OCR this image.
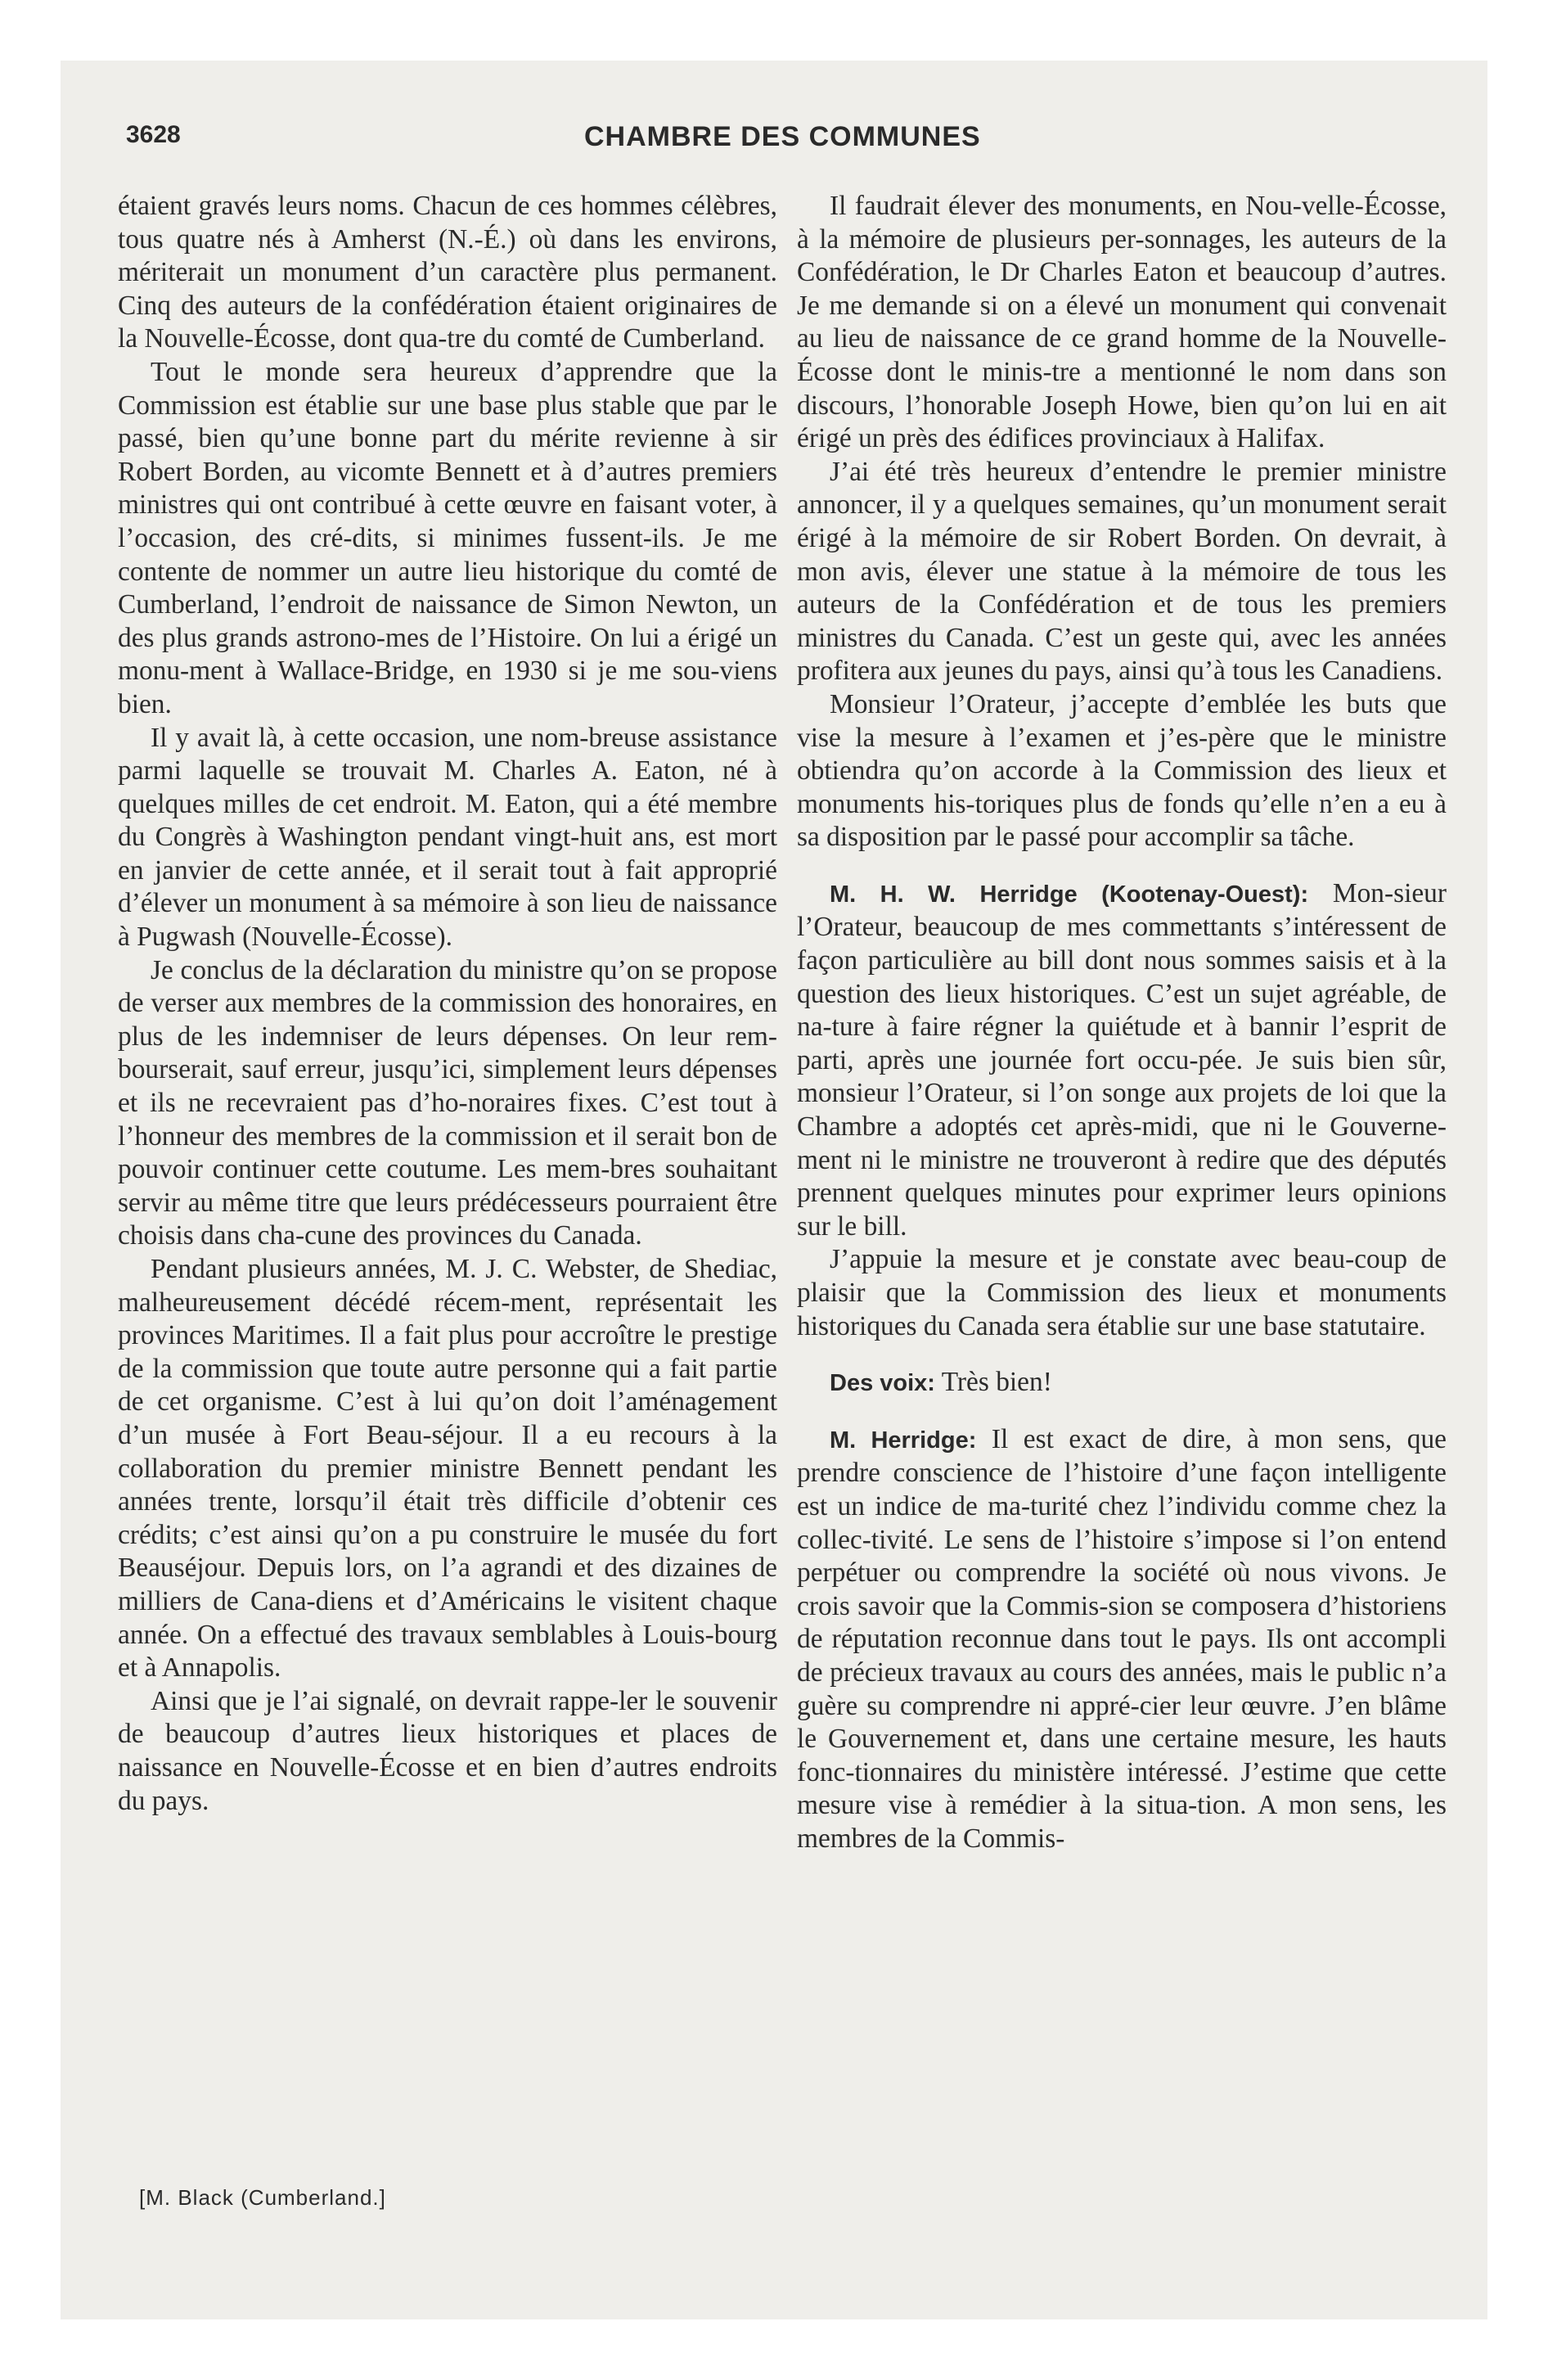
3628	CHAMBRE DES COMMUNES

étaient gravés leurs noms. Chacun de ces hommes célèbres, tous quatre nés à Amherst (N.-É.) où dans les environs, mériterait un monument d’un caractère plus permanent. Cinq des auteurs de la confédération étaient originaires de la Nouvelle-Écosse, dont qua-tre du comté de Cumberland.

Tout le monde sera heureux d’apprendre que la Commission est établie sur une base plus stable que par le passé, bien qu’une bonne part du mérite revienne à sir Robert Borden, au vicomte Bennett et à d’autres premiers ministres qui ont contribué à cette œuvre en faisant voter, à l’occasion, des cré-dits, si minimes fussent-ils. Je me contente de nommer un autre lieu historique du comté de Cumberland, l’endroit de naissance de Simon Newton, un des plus grands astrono-mes de l’Histoire. On lui a érigé un monu-ment à Wallace-Bridge, en 1930 si je me sou-viens bien.

Il y avait là, à cette occasion, une nom-breuse assistance parmi laquelle se trouvait M. Charles A. Eaton, né à quelques milles de cet endroit. M. Eaton, qui a été membre du Congrès à Washington pendant vingt-huit ans, est mort en janvier de cette année, et il serait tout à fait approprié d’élever un monument à sa mémoire à son lieu de naissance à Pugwash (Nouvelle-Écosse).

Je conclus de la déclaration du ministre qu’on se propose de verser aux membres de la commission des honoraires, en plus de les indemniser de leurs dépenses. On leur rem-bourserait, sauf erreur, jusqu’ici, simplement leurs dépenses et ils ne recevraient pas d’ho-noraires fixes. C’est tout à l’honneur des membres de la commission et il serait bon de pouvoir continuer cette coutume. Les mem-bres souhaitant servir au même titre que leurs prédécesseurs pourraient être choisis dans cha-cune des provinces du Canada.

Pendant plusieurs années, M. J. C. Webster, de Shediac, malheureusement décédé récem-ment, représentait les provinces Maritimes. Il a fait plus pour accroître le prestige de la commission que toute autre personne qui a fait partie de cet organisme. C’est à lui qu’on doit l’aménagement d’un musée à Fort Beau-séjour. Il a eu recours à la collaboration du premier ministre Bennett pendant les années trente, lorsqu’il était très difficile d’obtenir ces crédits; c’est ainsi qu’on a pu construire le musée du fort Beauséjour. Depuis lors, on l’a agrandi et des dizaines de milliers de Cana-diens et d’Américains le visitent chaque année. On a effectué des travaux semblables à Louis-bourg et à Annapolis.

Ainsi que je l’ai signalé, on devrait rappe-ler le souvenir de beaucoup d’autres lieux historiques et places de naissance en Nouvelle-Écosse et en bien d’autres endroits du pays.

[M. Black (Cumberland.]

Il faudrait élever des monuments, en Nou-velle-Écosse, à la mémoire de plusieurs per-sonnages, les auteurs de la Confédération, le Dr Charles Eaton et beaucoup d’autres. Je me demande si on a élevé un monument qui convenait au lieu de naissance de ce grand homme de la Nouvelle-Écosse dont le minis-tre a mentionné le nom dans son discours, l’honorable Joseph Howe, bien qu’on lui en ait érigé un près des édifices provinciaux à Halifax.

J’ai été très heureux d’entendre le premier ministre annoncer, il y a quelques semaines, qu’un monument serait érigé à la mémoire de sir Robert Borden. On devrait, à mon avis, élever une statue à la mémoire de tous les auteurs de la Confédération et de tous les premiers ministres du Canada. C’est un geste qui, avec les années profitera aux jeunes du pays, ainsi qu’à tous les Canadiens.

Monsieur l’Orateur, j’accepte d’emblée les buts que vise la mesure à l’examen et j’es-père que le ministre obtiendra qu’on accorde à la Commission des lieux et monuments his-toriques plus de fonds qu’elle n’en a eu à sa disposition par le passé pour accomplir sa tâche.

M. H. W. Herridge (Kootenay-Ouest): Mon-sieur l’Orateur, beaucoup de mes commettants s’intéressent de façon particulière au bill dont nous sommes saisis et à la question des lieux historiques. C’est un sujet agréable, de na-ture à faire régner la quiétude et à bannir l’esprit de parti, après une journée fort occu-pée. Je suis bien sûr, monsieur l’Orateur, si l’on songe aux projets de loi que la Chambre a adoptés cet après-midi, que ni le Gouverne-ment ni le ministre ne trouveront à redire que des députés prennent quelques minutes pour exprimer leurs opinions sur le bill.

J’appuie la mesure et je constate avec beau-coup de plaisir que la Commission des lieux et monuments historiques du Canada sera établie sur une base statutaire.

Des voix: Très bien!

M. Herridge: Il est exact de dire, à mon sens, que prendre conscience de l’histoire d’une façon intelligente est un indice de ma-turité chez l’individu comme chez la collec-tivité. Le sens de l’histoire s’impose si l’on entend perpétuer ou comprendre la société où nous vivons. Je crois savoir que la Commis-sion se composera d’historiens de réputation reconnue dans tout le pays. Ils ont accompli de précieux travaux au cours des années, mais le public n’a guère su comprendre ni appré-cier leur œuvre. J’en blâme le Gouvernement et, dans une certaine mesure, les hauts fonc-tionnaires du ministère intéressé. J’estime que cette mesure vise à remédier à la situa-tion. A mon sens, les membres de la Commis-
